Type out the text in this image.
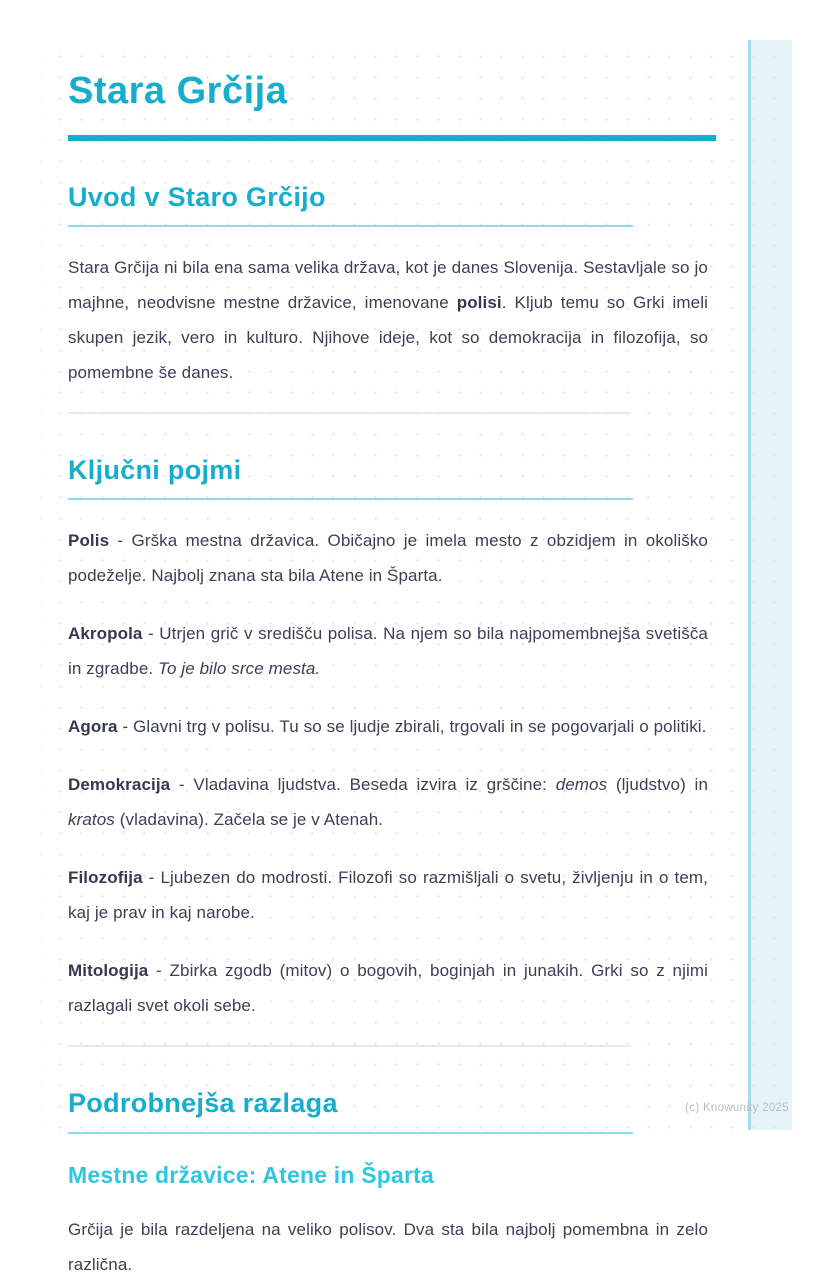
Stara Grčija
Uvod v Staro Grčijo

Stara Grčija ni bila ena sama velika država, kot je danes Slovenija. Sestavljale so jo majhne, neodvisne mestne državice, imenovane polisi. Kljub temu so Grki imeli skupen jezik, vero in kulturo. Njihove ideje, kot so demokracija in filozofija, so pomembne še danes.

Ključni pojmi

Polis - Grška mestna državica. Običajno je imela mesto z obzidjem in okoliško podeželje. Najbolj znana sta bila Atene in Šparta.

Akropola - Utrjen grič v središču polisa. Na njem so bila najpomembnejša svetišča in zgradbe. To je bilo srce mesta.

Agora - Glavni trg v polisu. Tu so se ljudje zbirali, trgovali in se pogovarjali o politiki.

Demokracija - Vladavina ljudstva. Beseda izvira iz grščine: demos (ljudstvo) in kratos (vladavina). Začela se je v Atenah.

Filozofija - Ljubezen do modrosti. Filozofi so razmišljali o svetu, življenju in o tem, kaj je prav in kaj narobe.

Mitologija - Zbirka zgodb (mitov) o bogovih, boginjah in junakih. Grki so z njimi razlagali svet okoli sebe.

Podrobnejša razlaga
Mestne državice: Atene in Šparta

Grčija je bila razdeljena na veliko polisov. Dva sta bila najbolj pomembna in zelo različna.

(c) Knowunity 2025
